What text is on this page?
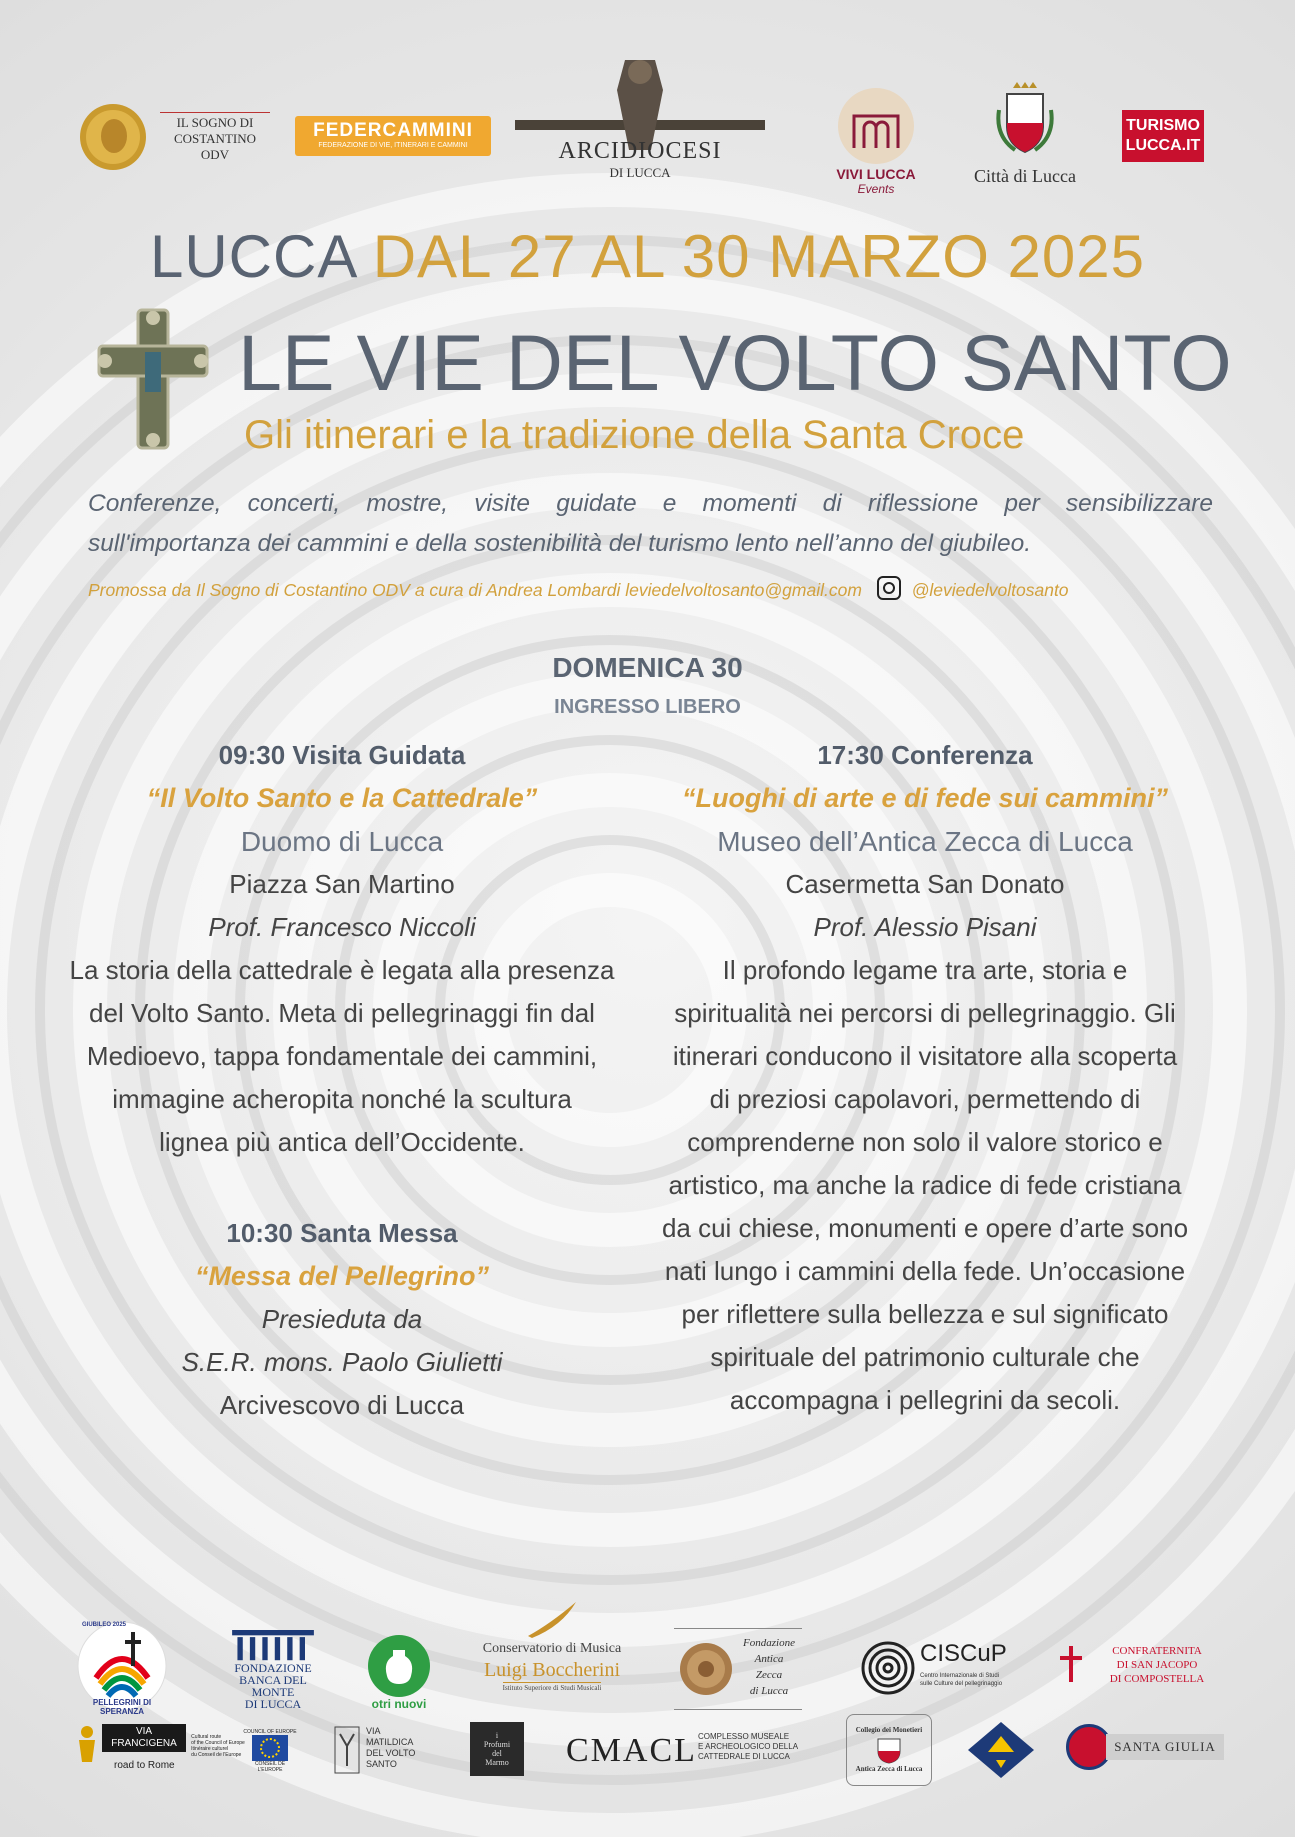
IL SOGNO DI COSTANTINO ODV
FEDERCAMMINI
FEDERAZIONE DI VIE, ITINERARI E CAMMINI	ARCIDIOCESI
DI LUCCA	VIVI LUCCA
Events
Città di Lucca
TURISMO
LUCCA.IT
LUCCA DAL 27 AL 30 MARZO 2025
LE VIE DEL VOLTO SANTO
Gli itinerari e la tradizione della Santa Croce
Conferenze, concerti, mostre, visite guidate e momenti di riflessione per sensibilizzare
sull'importanza dei cammini e della sostenibilità del turismo lento nell’anno del giubileo.
Promossa da Il Sogno di Costantino ODV a cura di Andrea Lombardi leviedelvoltosanto@gmail.com	@leviedelvoltosanto
DOMENICA 30
INGRESSO LIBERO
09:30 Visita Guidata
“Il Volto Santo e la Cattedrale”
Duomo di Lucca
Piazza San Martino
Prof. Francesco Niccoli
La storia della cattedrale è legata alla presenza
del Volto Santo. Meta di pellegrinaggi fin dal
Medioevo, tappa fondamentale dei cammini,
immagine acheropita nonché la scultura
lignea più antica dell’Occidente.
10:30 Santa Messa
“Messa del Pellegrino”
Presieduta da
S.E.R. mons. Paolo Giulietti
Arcivescovo di Lucca
17:30 Conferenza
“Luoghi di arte e di fede sui cammini”
Museo dell’Antica Zecca di Lucca
Casermetta San Donato
Prof. Alessio Pisani
Il profondo legame tra arte, storia e
spiritualità nei percorsi di pellegrinaggio. Gli
itinerari conducono il visitatore alla scoperta
di preziosi capolavori, permettendo di
comprenderne non solo il valore storico e
artistico, ma anche la radice di fede cristiana
da cui chiese, monumenti e opere d’arte sono
nati lungo i cammini della fede. Un’occasione
per riflettere sulla bellezza e sul significato
spirituale del patrimonio culturale che
accompagna i pellegrini da secoli.
GIUBILEO 2025
PELLEGRINI DI SPERANZA
FONDAZIONE
BANCA DEL MONTE
DI LUCCA	otri nuovi
Conservatorio di Musica
Luigi Boccherini
Istituto Superiore di Studi Musicali
Fondazione
Antica
Zecca
di Lucca
CISCuP
Centro Internazionale di Studi
sulle Culture del pellegrinaggio
CONFRATERNITA
DI SAN JACOPO
DI COMPOSTELLA
VIA
FRANCIGENA
road to Rome
Cultural route
of the Council of Europe
Itinéraire culturel
du Conseil de l'Europe
COUNCIL OF EUROPE
CONSEIL DE L'EUROPE
VIA
MATILDICA
DEL VOLTO
SANTO
i
Profumi
del
Marmo CMACL COMPLESSO MUSEALE
E ARCHEOLOGICO DELLA
CATTEDRALE DI LUCCA
Collegio dei Monetieri
Antica Zecca di Lucca
SANTA GIULIA
